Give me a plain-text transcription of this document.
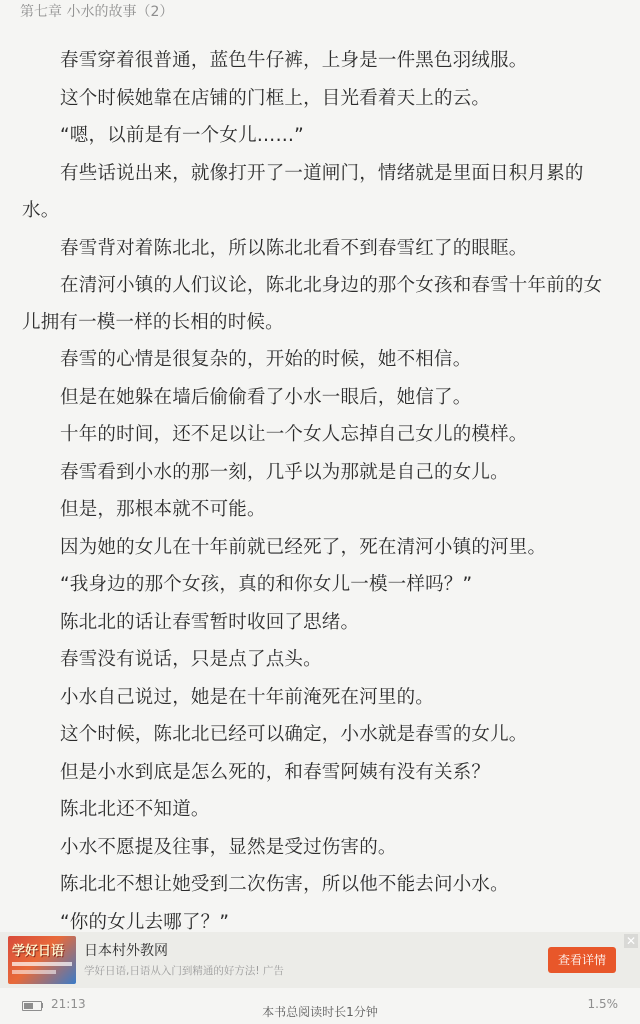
第七章 小水的故事（2）

春雪穿着很普通，蓝色牛仔裤，上身是一件黑色羽绒服。

这个时候她靠在店铺的门框上，目光看着天上的云。

“嗯，以前是有一个女儿……”

有些话说出来，就像打开了一道闸门，情绪就是里面日积月累的水。

春雪背对着陈北北，所以陈北北看不到春雪红了的眼眶。

在清河小镇的人们议论，陈北北身边的那个女孩和春雪十年前的女儿拥有一模一样的长相的时候。

春雪的心情是很复杂的，开始的时候，她不相信。

但是在她躲在墙后偷偷看了小水一眼后，她信了。

十年的时间，还不足以让一个女人忘掉自己女儿的模样。

春雪看到小水的那一刻，几乎以为那就是自己的女儿。

但是，那根本就不可能。

因为她的女儿在十年前就已经死了，死在清河小镇的河里。

“我身边的那个女孩，真的和你女儿一模一样吗？”

陈北北的话让春雪暂时收回了思绪。

春雪没有说话，只是点了点头。

小水自己说过，她是在十年前淹死在河里的。

这个时候，陈北北已经可以确定，小水就是春雪的女儿。

但是小水到底是怎么死的，和春雪阿姨有没有关系？

陈北北还不知道。

小水不愿提及往事，显然是受过伤害的。

陈北北不想让她受到二次伤害，所以他不能去问小水。

“你的女儿去哪了？”

学好日语 日本村外教网
学好日语,日语从入门到精通的好方法! 广告
查看详情
✕
21:13
本书总阅读时长1分钟
1.5%
